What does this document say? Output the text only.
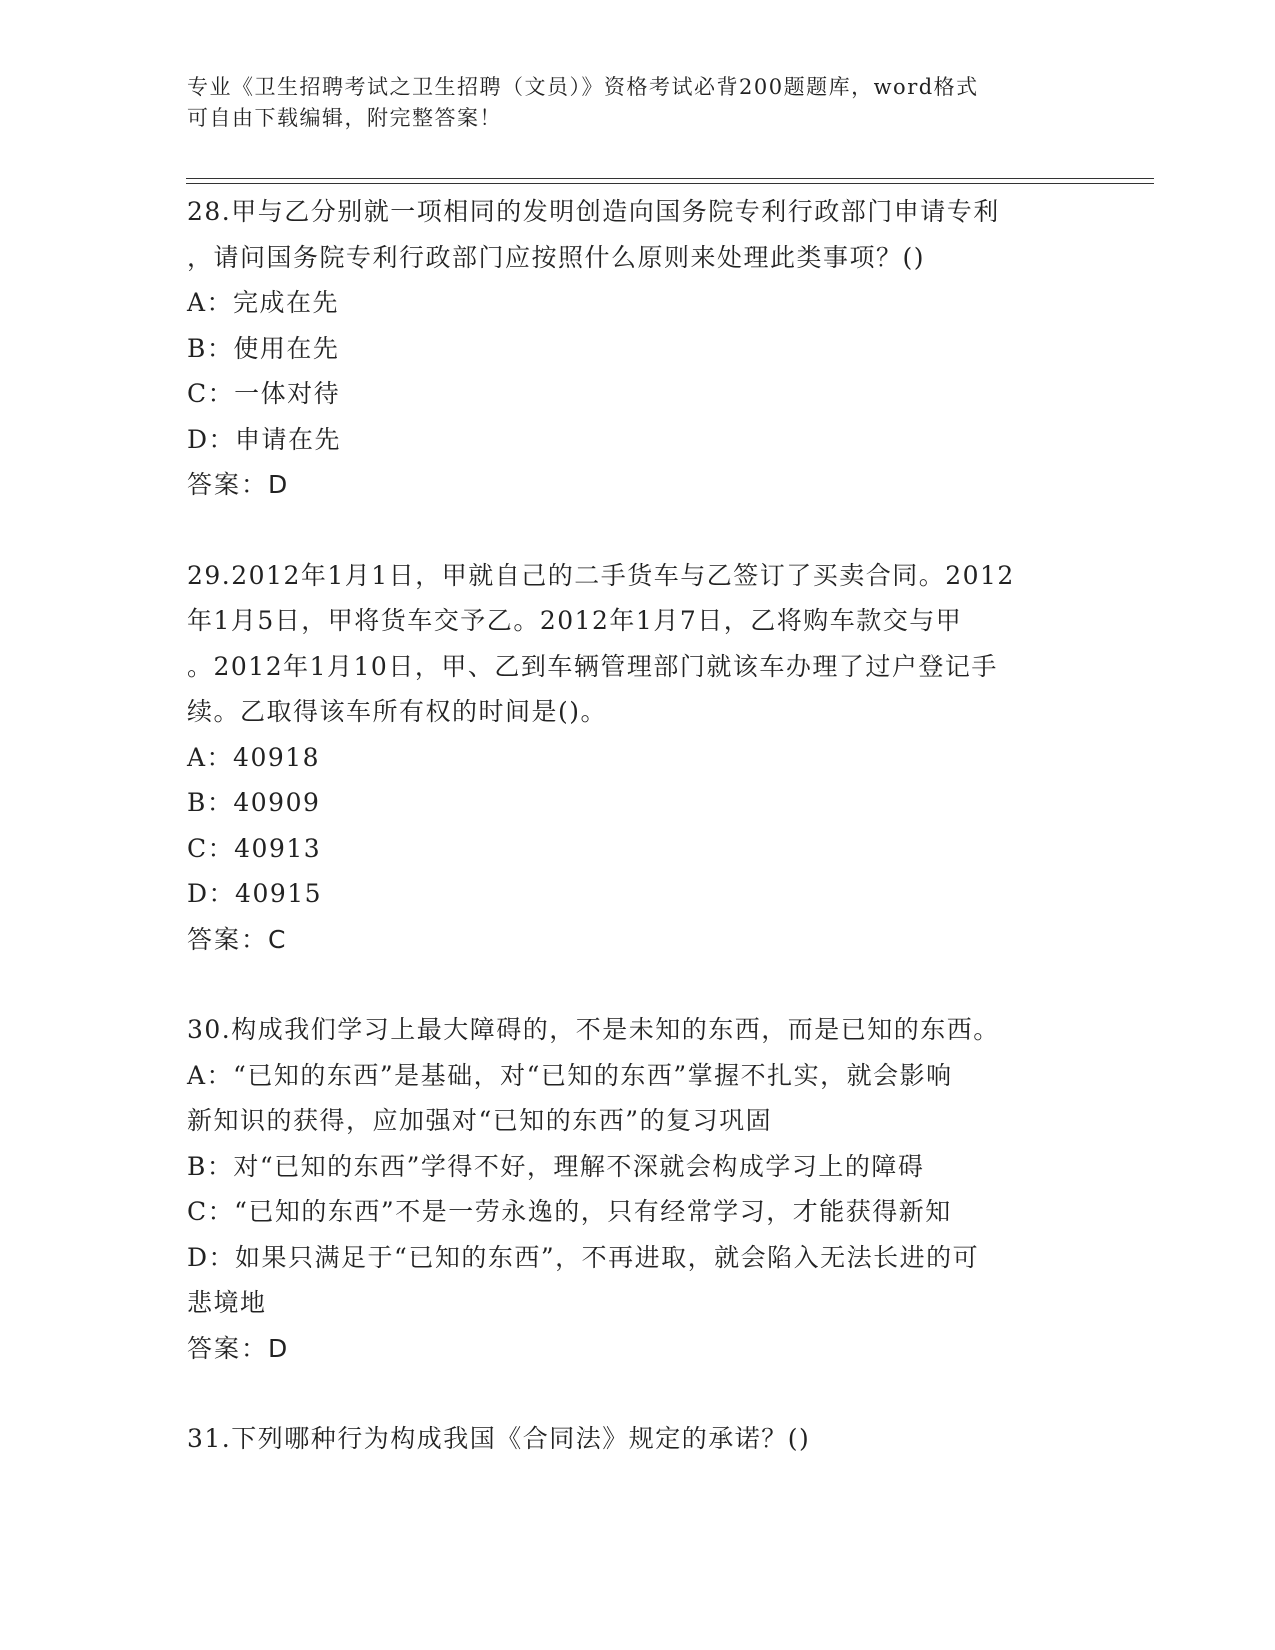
专业《卫生招聘考试之卫生招聘（文员）》资格考试必背200题题库，word格式
可自由下载编辑，附完整答案！
28.甲与乙分别就一项相同的发明创造向国务院专利行政部门申请专利
，请问国务院专利行政部门应按照什么原则来处理此类事项？()
A：完成在先
B：使用在先
C：一体对待
D：申请在先
答案：D
29.2012年1月1日，甲就自己的二手货车与乙签订了买卖合同。2012
年1月5日，甲将货车交予乙。2012年1月7日，乙将购车款交与甲
。2012年1月10日，甲、乙到车辆管理部门就该车办理了过户登记手
续。乙取得该车所有权的时间是()。
A：40918
B：40909
C：40913
D：40915
答案：C
30.构成我们学习上最大障碍的，不是未知的东西，而是已知的东西。
A：“已知的东西”是基础，对“已知的东西”掌握不扎实，就会影响
新知识的获得，应加强对“已知的东西”的复习巩固
B：对“已知的东西”学得不好，理解不深就会构成学习上的障碍
C：“已知的东西”不是一劳永逸的，只有经常学习，才能获得新知
D：如果只满足于“已知的东西”，不再进取，就会陷入无法长进的可
悲境地
答案：D
31.下列哪种行为构成我国《合同法》规定的承诺？()
